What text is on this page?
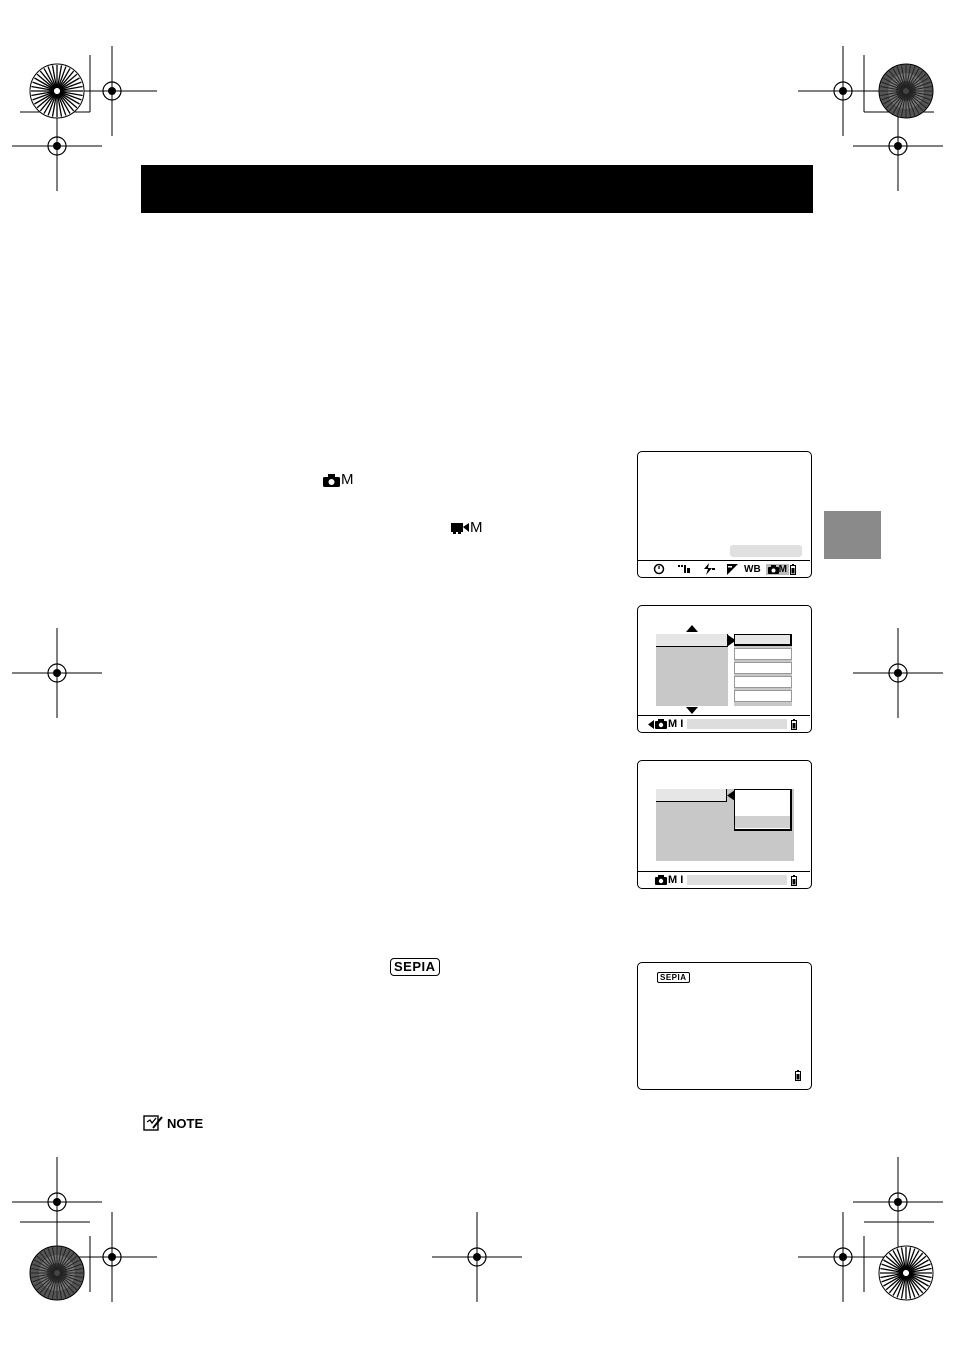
M
M
SEPIA
WB M
M I
M I
SEPIA
NOTE
